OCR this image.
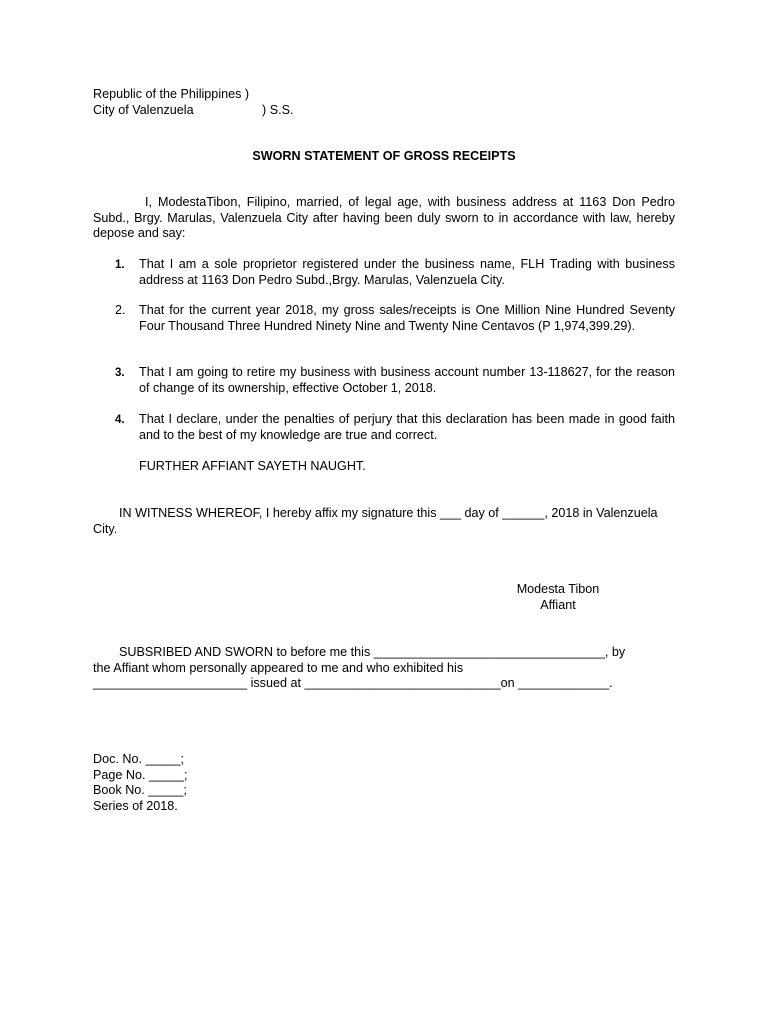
Republic of the Philippines )
City of Valenzuela	) S.S.
SWORN STATEMENT OF GROSS RECEIPTS
I, ModestaTibon, Filipino, married, of legal age, with business address at 1163 Don Pedro Subd., Brgy. Marulas, Valenzuela City after having been duly sworn to in accordance with law, hereby depose and say:
1. That I am a sole proprietor registered under the business name, FLH Trading with business address at 1163 Don Pedro Subd.,Brgy. Marulas, Valenzuela City.
2. That for the current year 2018, my gross sales/receipts is One Million Nine Hundred Seventy Four Thousand Three Hundred Ninety Nine and Twenty Nine Centavos (P 1,974,399.29).
3. That I am going to retire my business with business account number 13-118627, for the reason of change of its ownership, effective October 1, 2018.
4. That I declare, under the penalties of perjury that this declaration has been made in good faith and to the best of my knowledge are true and correct.
FURTHER AFFIANT SAYETH NAUGHT.
IN WITNESS WHEREOF, I hereby affix my signature this ___ day of ______, 2018 in Valenzuela City.
Modesta Tibon
Affiant
SUBSRIBED AND SWORN to before me this _________________________________, by
the Affiant whom personally appeared to me and who exhibited his
______________________ issued at ____________________________on _____________.
Doc. No. _____;
Page No. _____;
Book No. _____;
Series of 2018.
